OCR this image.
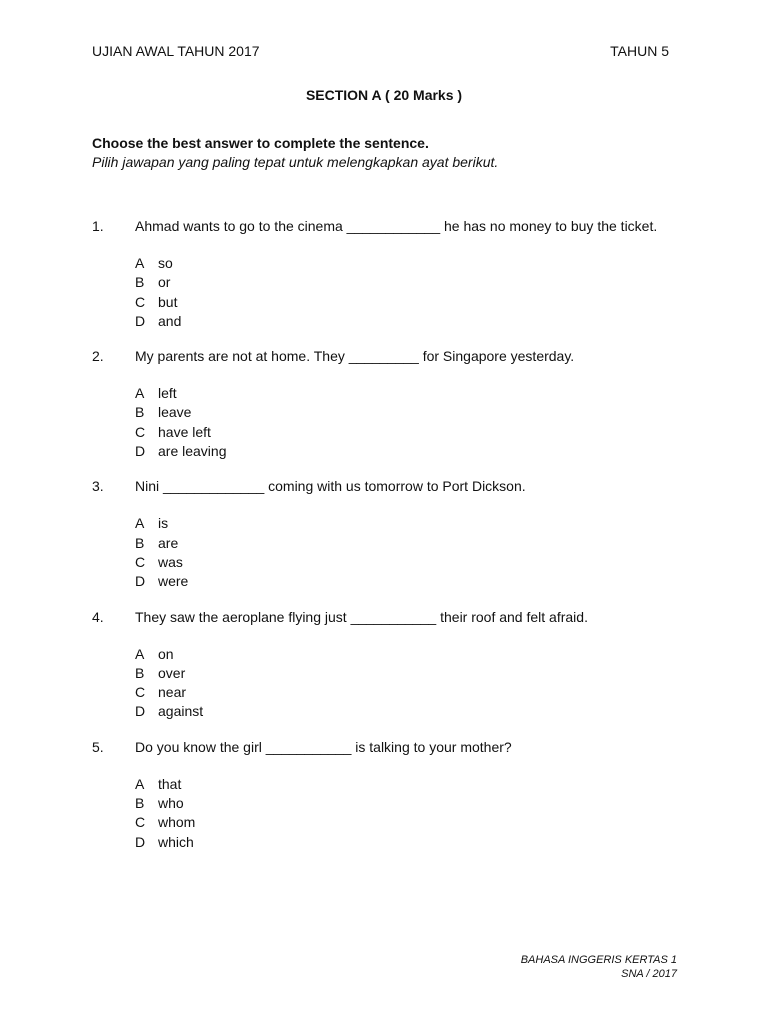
UJIAN AWAL TAHUN 2017	TAHUN 5
SECTION A ( 20 Marks )
Choose the best answer to complete the sentence.
Pilih jawapan yang paling tepat untuk melengkapkan ayat berikut.
1.	Ahmad wants to go to the cinema ____________ he has no money to buy the ticket.
A so
B or
C but
D and
2.	My parents are not at home. They _________ for Singapore yesterday.
A left
B leave
C have left
D are leaving
3.	Nini _____________ coming with us tomorrow to Port Dickson.
A is
B are
C was
D were
4.	They saw the aeroplane flying just ___________ their roof and felt afraid.
A on
B over
C near
D against
5.	Do you know the girl ___________ is talking to your mother?
A that
B who
C whom
D which
BAHASA INGGERIS KERTAS 1
SNA / 2017
